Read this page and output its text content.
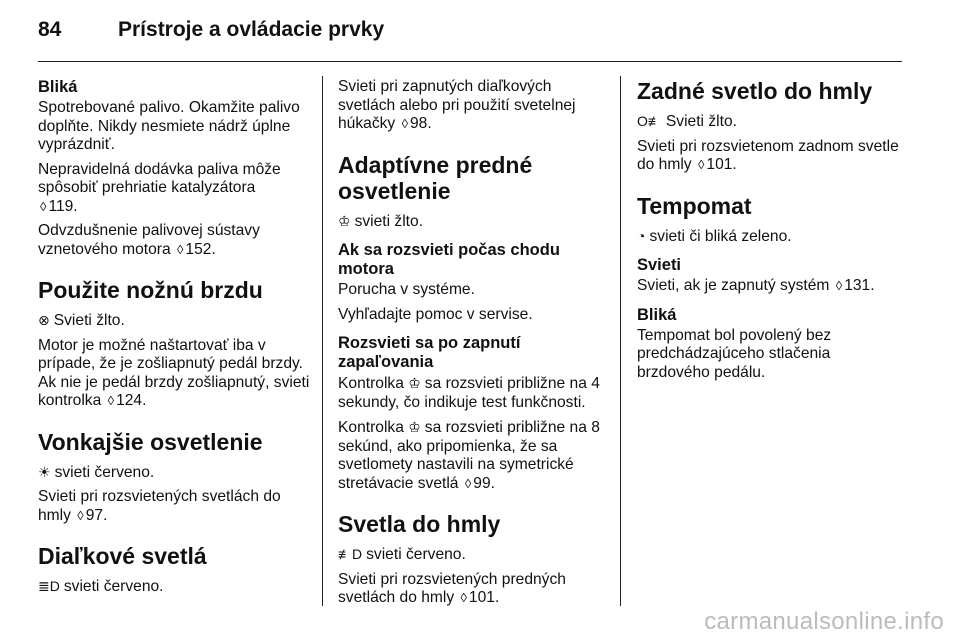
84	Prístroje a ovládacie prvky
Bliká

Spotrebované palivo. Okamžite palivo doplňte. Nikdy nesmiete nádrž úplne vyprázdniť.

Nepravidelná dodávka paliva môže spôsobiť prehriatie katalyzátora
◊ 119.

Odvzdušnenie palivovej sústavy vznetového motora ◊ 152.

Použite nožnú brzdu

⊗ Svieti žlto.

Motor je možné naštartovať iba v prípade, že je zošliapnutý pedál brzdy. Ak nie je pedál brzdy zošliapnutý, svieti kontrolka ◊ 124.

Vonkajšie osvetlenie

☀ svieti červeno.

Svieti pri rozsvietených svetlách do hmly ◊ 97.

Diaľkové svetlá

≣D svieti červeno.

Svieti pri zapnutých diaľkových svetlách alebo pri použití svetelnej húkačky ◊ 98.

Adaptívne predné osvetlenie

♔ svieti žlto.

Ak sa rozsvieti počas chodu motora

Porucha v systéme.

Vyhľadajte pomoc v servise.

Rozsvieti sa po zapnutí zapaľovania

Kontrolka ♔ sa rozsvieti približne na 4 sekundy, čo indikuje test funkčnosti.

Kontrolka ♔ sa rozsvieti približne na 8 sekúnd, ako pripomienka, že sa svetlomety nastavili na symetrické stretávacie svetlá ◊ 99.

Svetla do hmly

≢D svieti červeno.

Svieti pri rozsvietených predných svetlách do hmly ◊ 101.

Zadné svetlo do hmly

O≢ Svieti žlto.

Svieti pri rozsvietenom zadnom svetle do hmly ◊ 101.

Tempomat

◔ svieti či bliká zeleno.

Svieti

Svieti, ak je zapnutý systém ◊ 131.

Bliká

Tempomat bol povolený bez predchádzajúceho stlačenia brzdového pedálu.

carmanualsonline.info
